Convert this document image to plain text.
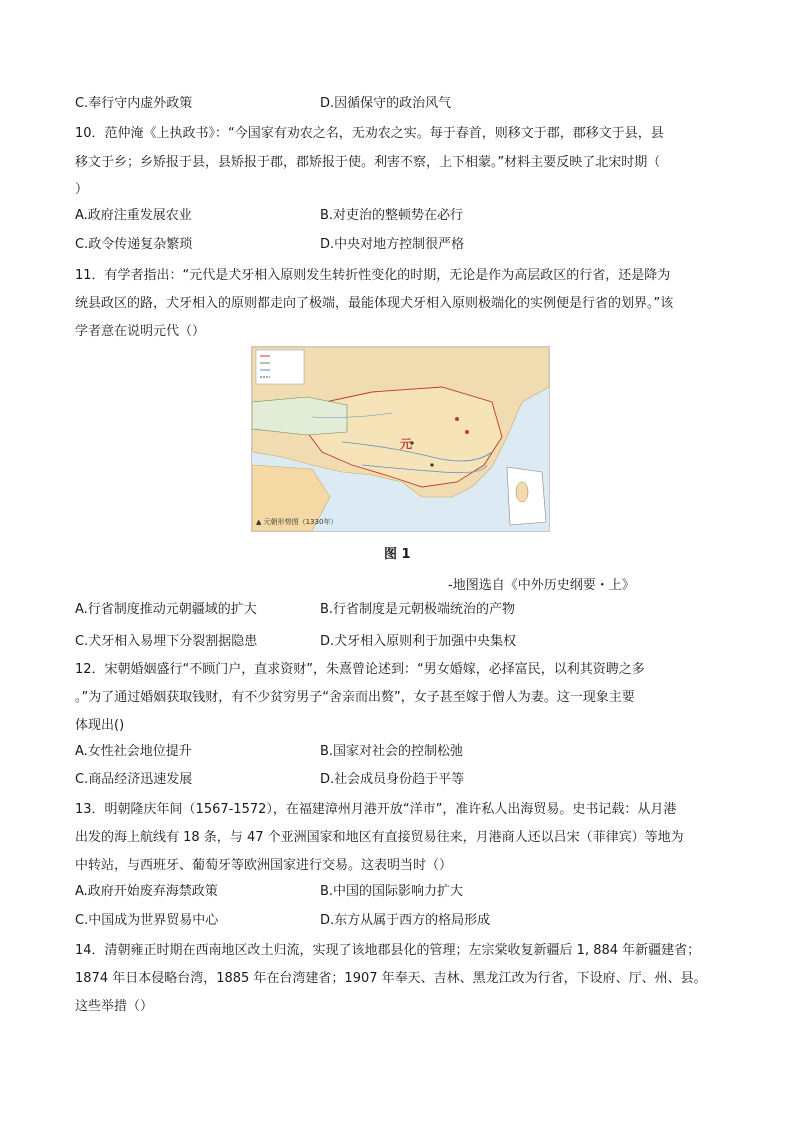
C.奉行守内虚外政策	D.因循保守的政治风气
10．范仲淹《上执政书》：“今国家有劝农之名，无劝农之实。每于春首，则移文于郡，郡移文于县，县
移文于乡；乡矫报于县，县矫报于郡，郡矫报于使。利害不察，上下相蒙。”材料主要反映了北宋时期（
）
A.政府注重发展农业	B.对吏治的整顿势在必行
C.政令传递复杂繁琐	D.中央对地方控制很严格
11．有学者指出：“元代是犬牙相入原则发生转折性变化的时期，无论是作为高层政区的行省，还是降为
统县政区的路，犬牙相入的原则都走向了极端，最能体现犬牙相入原则极端化的实例便是行省的划界。”该
学者意在说明元代（）
元
▲ 元朝形势图（1330年）
图 1
-地图选自《中外历史纲要・上》
A.行省制度推动元朝疆域的扩大	B.行省制度是元朝极端统治的产物
C.犬牙相入易埋下分裂割据隐患	D.犬牙相入原则利于加强中央集权
12．宋朝婚姻盛行“不顾门户，直求资财”，朱熹曾论述到：“男女婚嫁，必择富民，以利其资聘之多
。”为了通过婚姻获取钱财，有不少贫穷男子“舍亲而出赘”，女子甚至嫁于僧人为妻。这一现象主要
体现出()
A.女性社会地位提升	B.国家对社会的控制松弛
C.商品经济迅速发展	D.社会成员身份趋于平等
13．明朝隆庆年间（1567-1572），在福建漳州月港开放“洋市”，准许私人出海贸易。史书记载：从月港
出发的海上航线有 18 条，与 47 个亚洲国家和地区有直接贸易往来，月港商人还以吕宋（菲律宾）等地为
中转站，与西班牙、葡萄牙等欧洲国家进行交易。这表明当时（）
A.政府开始废弃海禁政策	B.中国的国际影响力扩大
C.中国成为世界贸易中心	D.东方从属于西方的格局形成
14．清朝雍正时期在西南地区改土归流，实现了该地郡县化的管理；左宗棠收复新疆后 1, 884 年新疆建省；
1874 年日本侵略台湾，1885 年在台湾建省；1907 年奉天、吉林、黑龙江改为行省，下设府、厅、州、县。
这些举措（）
